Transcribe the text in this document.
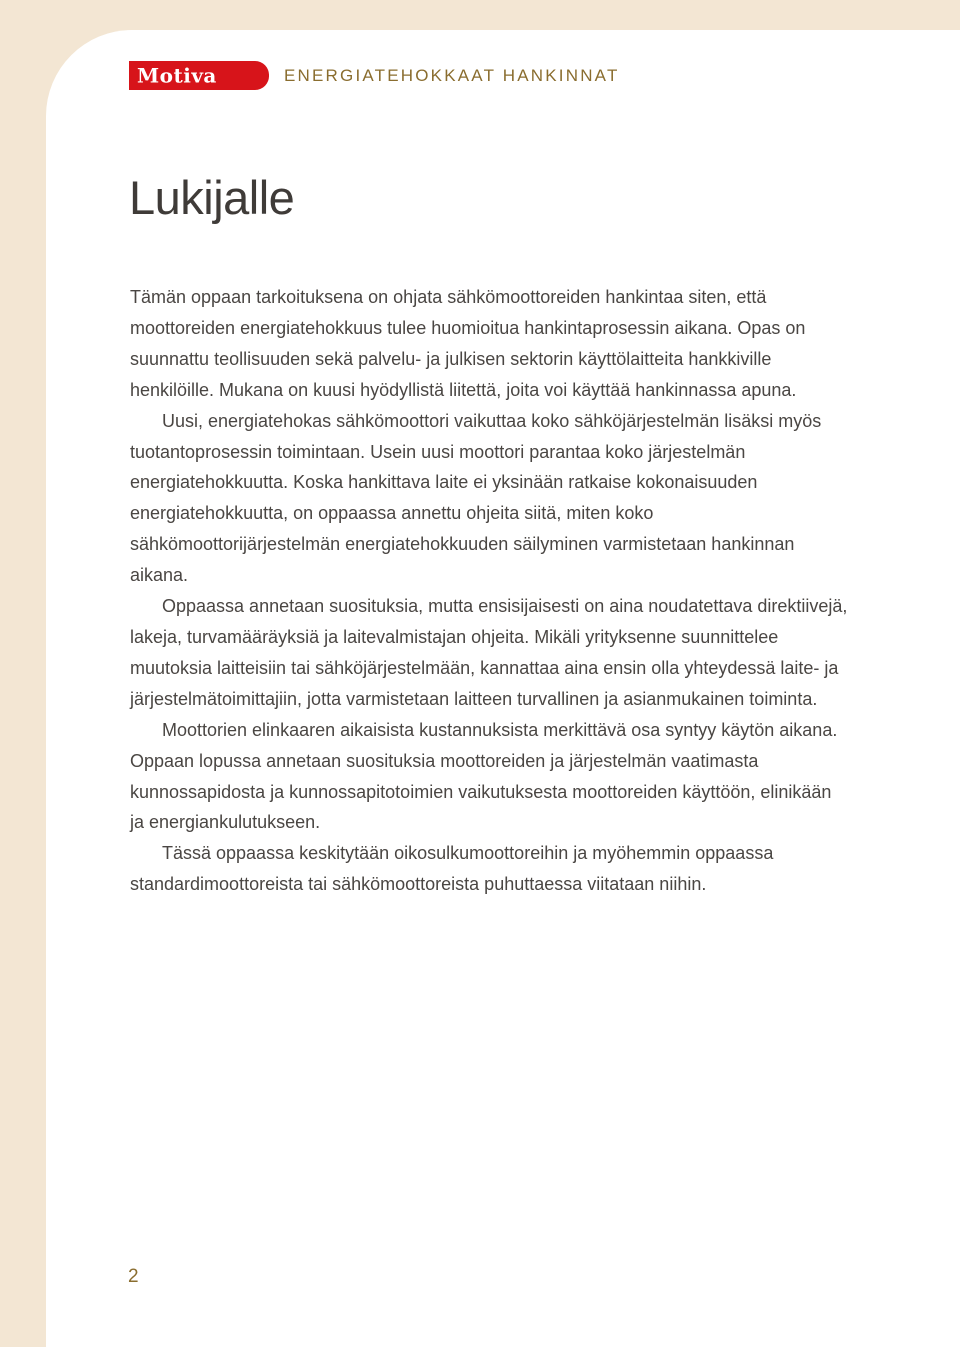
Motiva	ENERGIATEHOKKAAT HANKINNAT
Lukijalle

Tämän oppaan tarkoituksena on ohjata sähkömoottoreiden hankintaa siten, että moottoreiden energiatehokkuus tulee huomioitua hankintaprosessin aikana. Opas on suunnattu teollisuuden sekä palvelu- ja julkisen sektorin käyttölaitteita hankkiville henkilöille. Mukana on kuusi hyödyllistä liitettä, joita voi käyttää hankinnassa apuna.

Uusi, energiatehokas sähkömoottori vaikuttaa koko sähköjärjestelmän lisäksi myös tuotantoprosessin toimintaan. Usein uusi moottori parantaa koko järjestelmän energiatehokkuutta. Koska hankittava laite ei yksinään ratkaise kokonaisuuden energiatehokkuutta, on oppaassa annettu ohjeita siitä, miten koko sähkömoottorijärjestelmän energiatehokkuuden säilyminen varmistetaan hankinnan aikana.

Oppaassa annetaan suosituksia, mutta ensisijaisesti on aina noudatettava direktiivejä, lakeja, turvamääräyksiä ja laitevalmistajan ohjeita. Mikäli yrityksenne suunnittelee muutoksia laitteisiin tai sähköjärjestelmään, kannattaa aina ensin olla yhteydessä laite- ja järjestelmätoimittajiin, jotta varmistetaan laitteen turvallinen ja asianmukainen toiminta.

Moottorien elinkaaren aikaisista kustannuksista merkittävä osa syntyy käytön aikana. Oppaan lopussa annetaan suosituksia moottoreiden ja järjestelmän vaatimasta kunnossapidosta ja kunnossapitotoimien vaikutuksesta moottoreiden käyttöön, elinikään ja energiankulutukseen.

Tässä oppaassa keskitytään oikosulkumoottoreihin ja myöhemmin oppaassa standardimoottoreista tai sähkömoottoreista puhuttaessa viitataan niihin.

2
